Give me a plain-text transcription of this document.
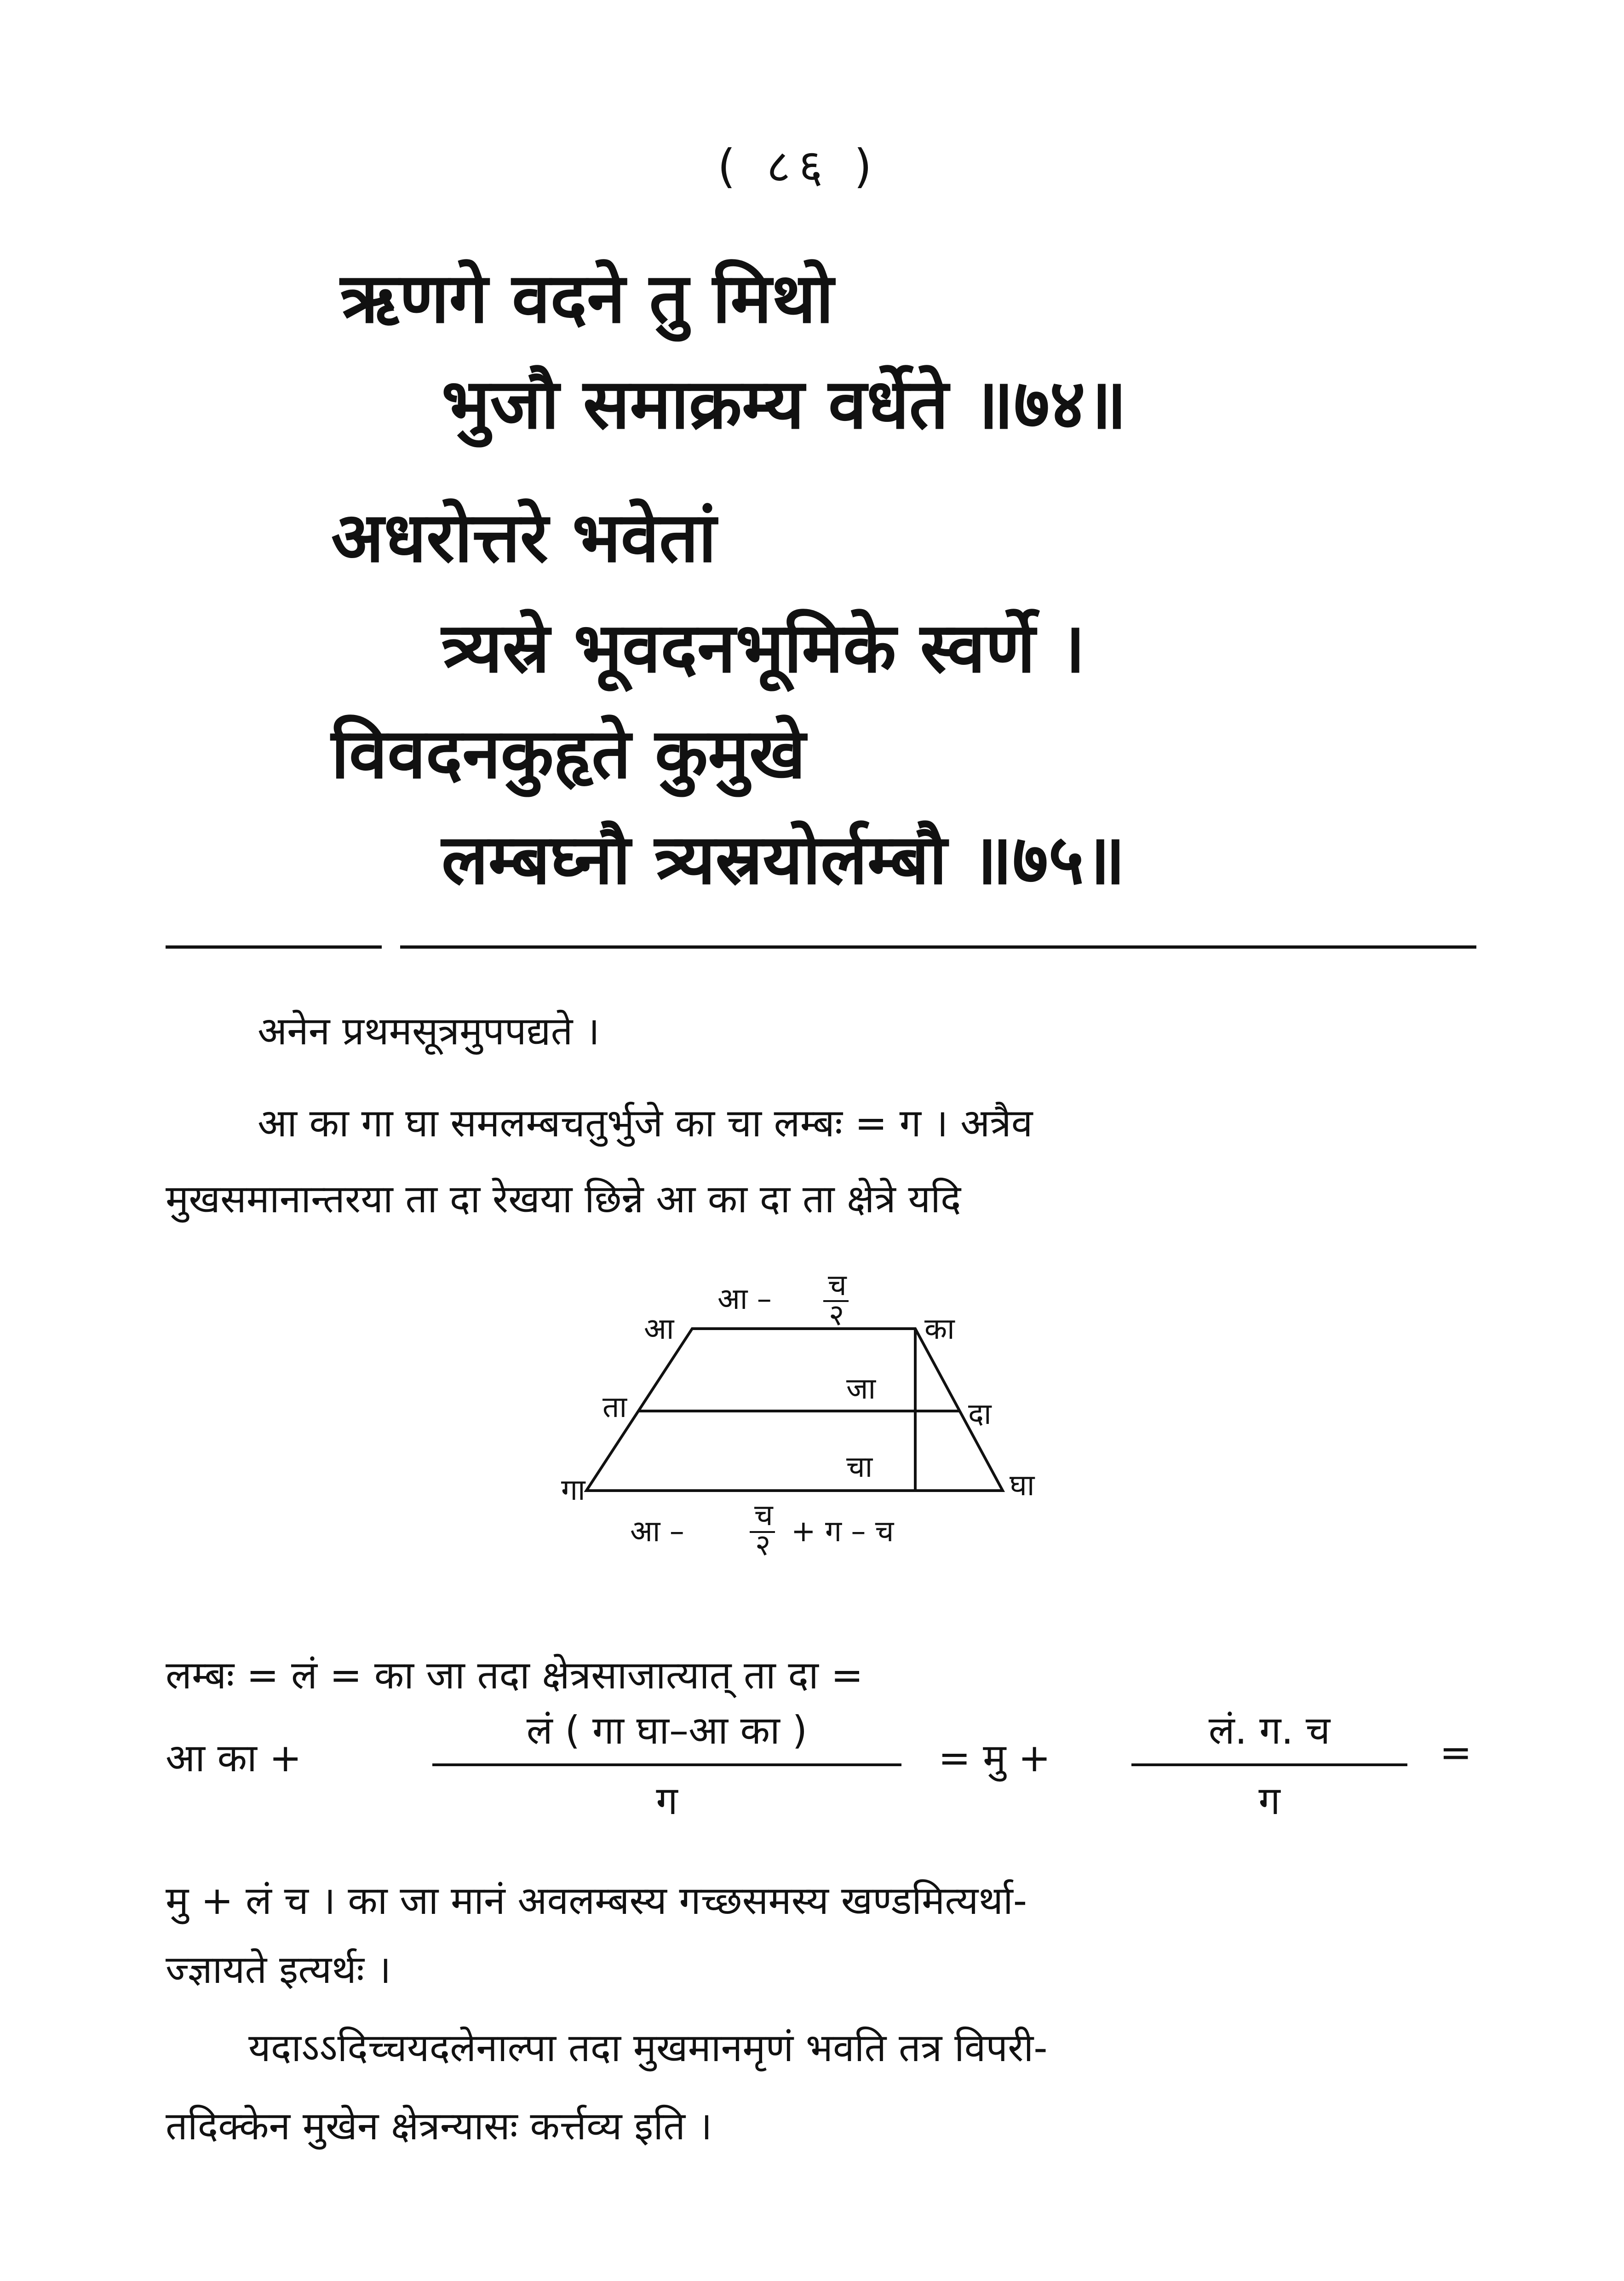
( ८६ )
ऋणगे वदने तु मिथो
भुजौ समाक्रम्य वर्धेते ॥७४॥
अधरोत्तरे भवेतां
त्र्यस्रे भूवदनभूमिके स्वर्णे ।
विवदनकुहृते कुमुखे
लम्बघ्नौ त्र्यस्रयोर्लम्बौ ॥७५॥
अनेन प्रथमसूत्रमुपपद्यते ।
आ का गा घा समलम्बचतुर्भुजे का चा लम्बः = ग । अत्रैव
मुखसमानान्तरया ता दा रेखया छिन्ने आ का दा ता क्षेत्रे यदि
आ – च
२
आ	का
ता	दा
जा
चा
गा	घा
आ – च
२ + ग – च
लम्बः = लं = का जा तदा क्षेत्रसाजात्यात् ता दा =
आ का +
लं ( गा घा–आ का )
ग
= मु +
लं. ग. च
ग
=
मु + लं च । का जा मानं अवलम्बस्य गच्छसमस्य खण्डमित्यर्था-
ज्ज्ञायते इत्यर्थः ।
यदाऽऽदिच्चयदलेनाल्पा तदा मुखमानमृणं भवति तत्र विपरी-
तदिक्केन मुखेन क्षेत्रन्यासः कर्त्तव्य इति ।
